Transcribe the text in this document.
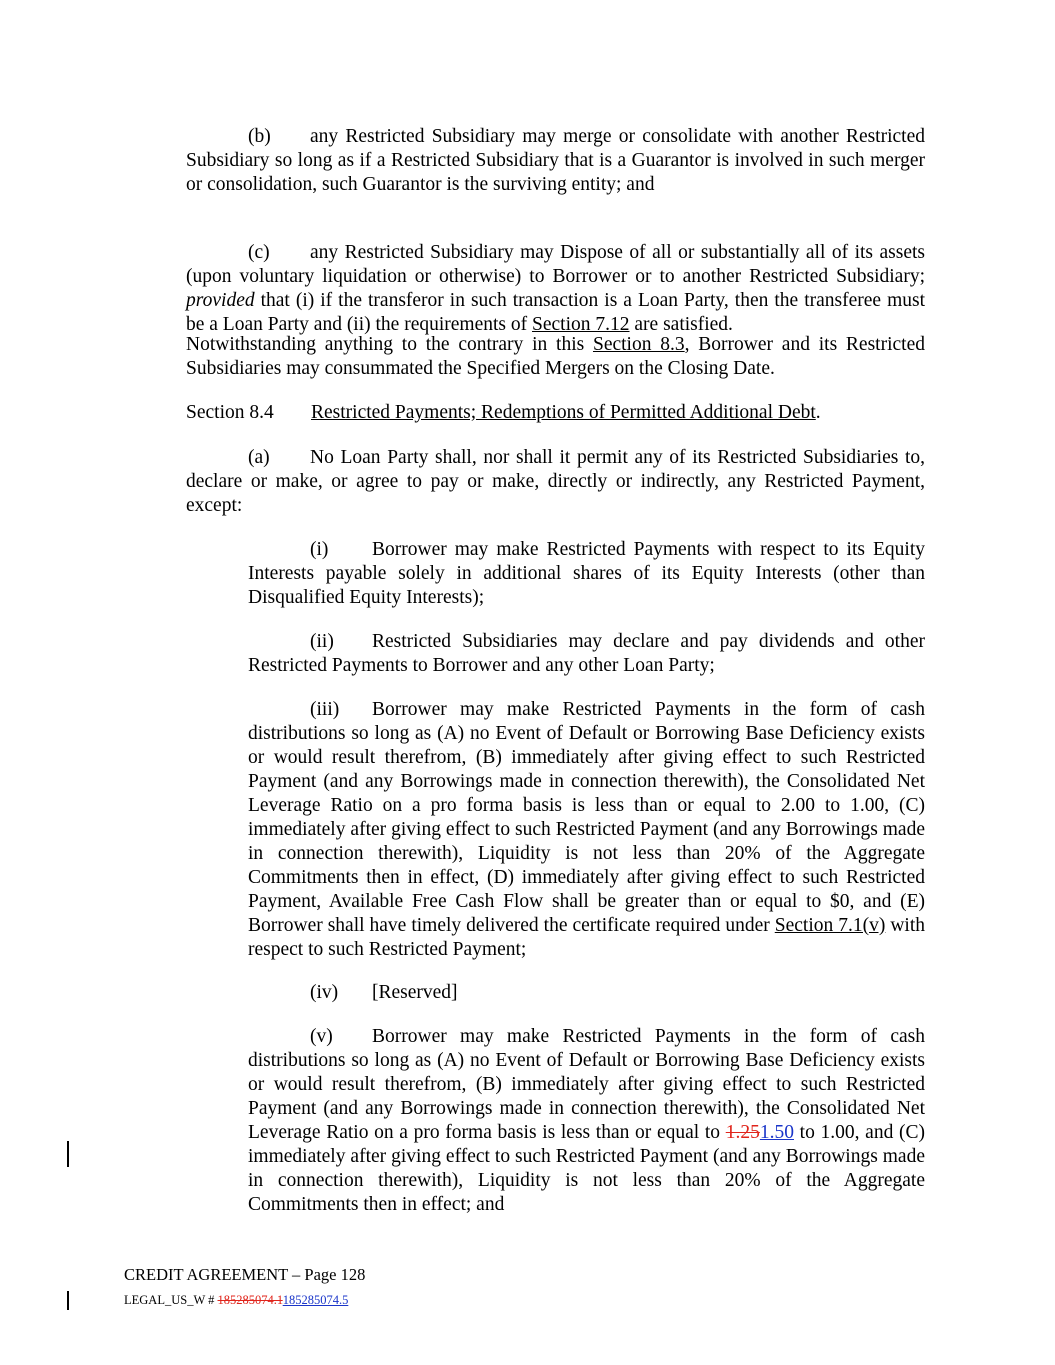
(b) any Restricted Subsidiary may merge or consolidate with another Restricted Subsidiary so long as if a Restricted Subsidiary that is a Guarantor is involved in such merger or consolidation, such Guarantor is the surviving entity; and
(c) any Restricted Subsidiary may Dispose of all or substantially all of its assets (upon voluntary liquidation or otherwise) to Borrower or to another Restricted Subsidiary; provided that (i) if the transferor in such transaction is a Loan Party, then the transferee must be a Loan Party and (ii) the requirements of Section 7.12 are satisfied.
Notwithstanding anything to the contrary in this Section 8.3, Borrower and its Restricted Subsidiaries may consummated the Specified Mergers on the Closing Date.
Section 8.4 Restricted Payments; Redemptions of Permitted Additional Debt.
(a) No Loan Party shall, nor shall it permit any of its Restricted Subsidiaries to, declare or make, or agree to pay or make, directly or indirectly, any Restricted Payment, except:
(i) Borrower may make Restricted Payments with respect to its Equity Interests payable solely in additional shares of its Equity Interests (other than Disqualified Equity Interests);
(ii) Restricted Subsidiaries may declare and pay dividends and other Restricted Payments to Borrower and any other Loan Party;
(iii) Borrower may make Restricted Payments in the form of cash distributions so long as (A) no Event of Default or Borrowing Base Deficiency exists or would result therefrom, (B) immediately after giving effect to such Restricted Payment (and any Borrowings made in connection therewith), the Consolidated Net Leverage Ratio on a pro forma basis is less than or equal to 2.00 to 1.00, (C) immediately after giving effect to such Restricted Payment (and any Borrowings made in connection therewith), Liquidity is not less than 20% of the Aggregate Commitments then in effect, (D) immediately after giving effect to such Restricted Payment, Available Free Cash Flow shall be greater than or equal to $0, and (E) Borrower shall have timely delivered the certificate required under Section 7.1(v) with respect to such Restricted Payment;
(iv) [Reserved]
(v) Borrower may make Restricted Payments in the form of cash distributions so long as (A) no Event of Default or Borrowing Base Deficiency exists or would result therefrom, (B) immediately after giving effect to such Restricted Payment (and any Borrowings made in connection therewith), the Consolidated Net Leverage Ratio on a pro forma basis is less than or equal to 1.251.50 to 1.00, and (C) immediately after giving effect to such Restricted Payment (and any Borrowings made in connection therewith), Liquidity is not less than 20% of the Aggregate Commitments then in effect; and
CREDIT AGREEMENT – Page 128
LEGAL_US_W # 185285074.1185285074.5
